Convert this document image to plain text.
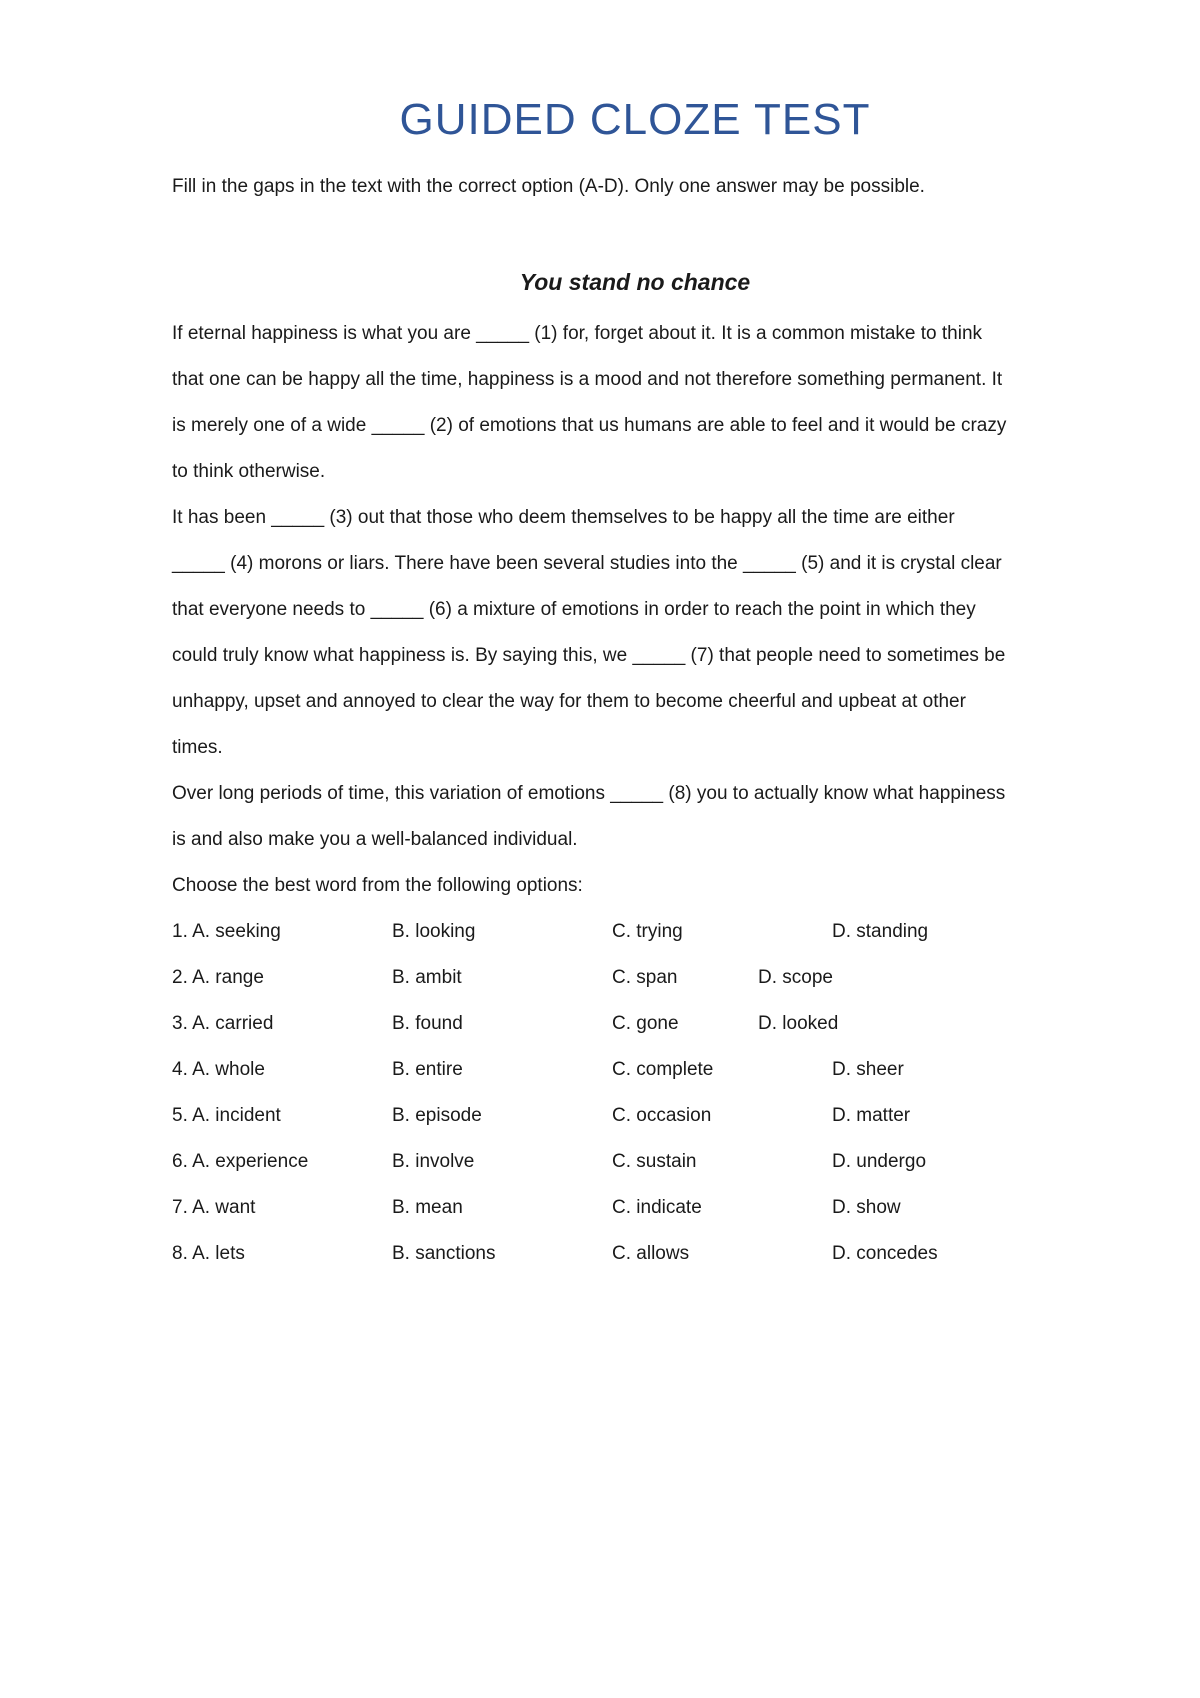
GUIDED CLOZE TEST
Fill in the gaps in the text with the correct option (A-D). Only one answer may be possible.
You stand no chance

If eternal happiness is what you are _____ (1) for, forget about it. It is a common mistake to think that one can be happy all the time, happiness is a mood and not therefore something permanent. It is merely one of a wide _____ (2) of emotions that us humans are able to feel and it would be crazy to think otherwise.

It has been _____ (3) out that those who deem themselves to be happy all the time are either _____ (4) morons or liars. There have been several studies into the _____ (5) and it is crystal clear that everyone needs to _____ (6) a mixture of emotions in order to reach the point in which they could truly know what happiness is. By saying this, we _____ (7) that people need to sometimes be unhappy, upset and annoyed to clear the way for them to become cheerful and upbeat at other times.

Over long periods of time, this variation of emotions _____ (8) you to actually know what happiness is and also make you a well-balanced individual.

Choose the best word from the following options:
1. A. seeking	B. looking	C. trying	D. standing
2. A. range	B. ambit	C. span	D. scope
3. A. carried	B. found	C. gone	D. looked
4. A. whole	B. entire	C. complete	D. sheer
5. A. incident	B. episode	C. occasion	D. matter
6. A. experience	B. involve	C. sustain	D. undergo
7. A. want	B. mean	C. indicate	D. show
8. A. lets	B. sanctions	C. allows	D. concedes
